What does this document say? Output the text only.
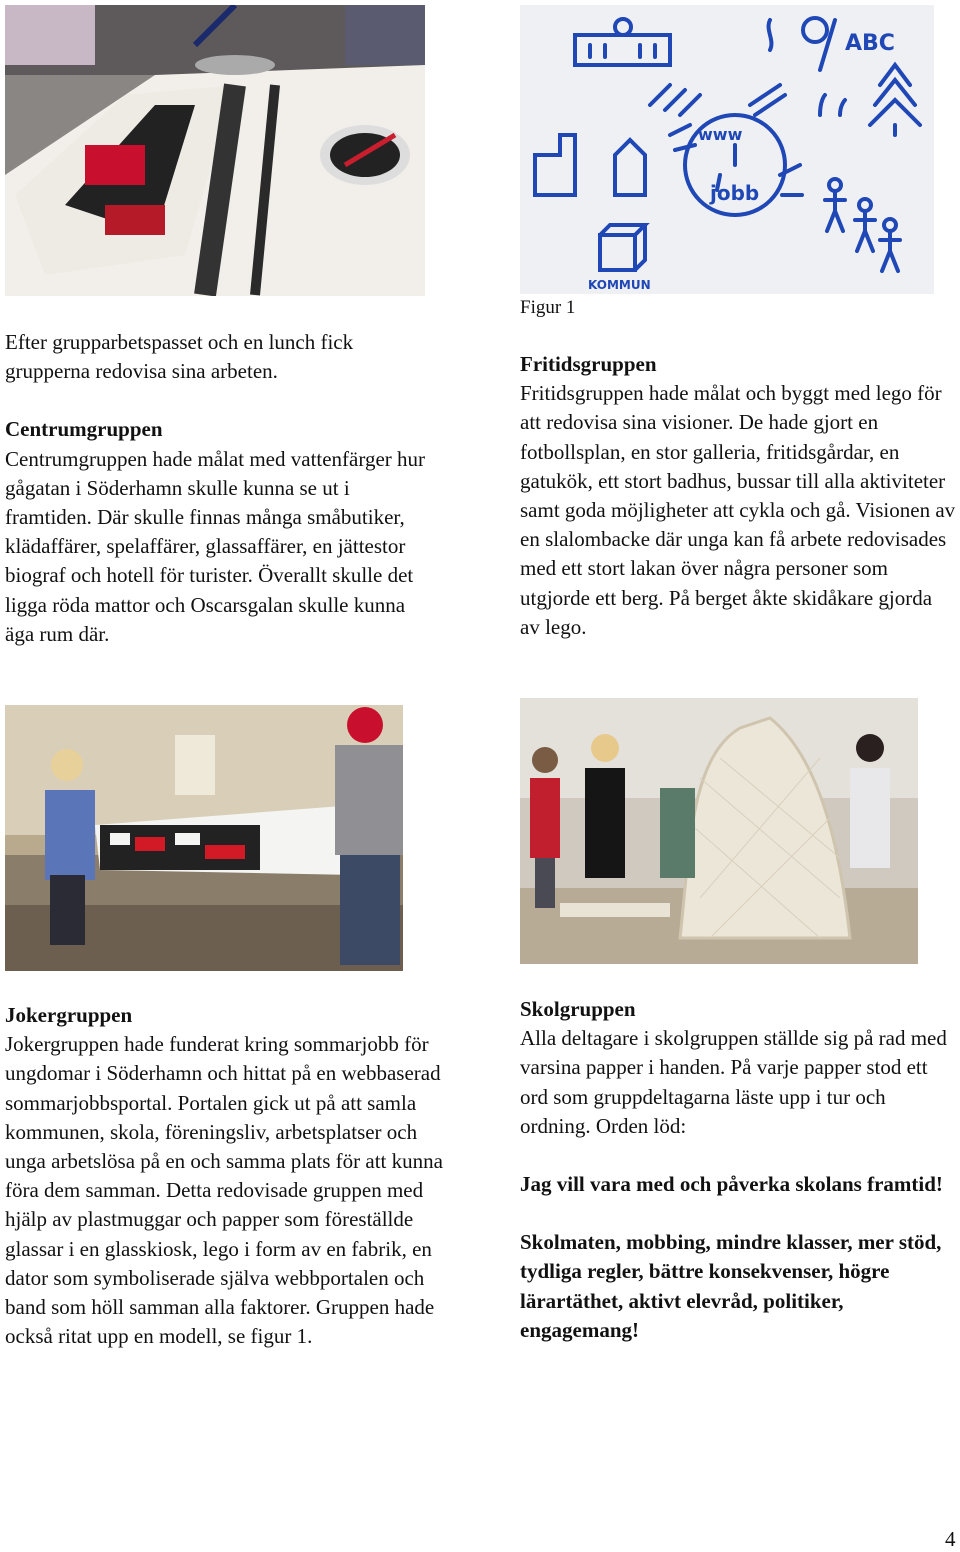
ABC
www
jobb
KOMMUN
Figur 1

Efter grupparbetspasset och en lunch fick grupperna redovisa sina arbeten.

Centrumgruppen

Centrumgruppen hade målat med vattenfärger hur gågatan i Söderhamn skulle kunna se ut i framtiden. Där skulle finnas många småbutiker, klädaffärer, spelaffärer, glassaffärer, en jättestor biograf och hotell för turister. Överallt skulle det ligga röda mattor och Oscarsgalan skulle kunna äga rum där.

Fritidsgruppen

Fritidsgruppen hade målat och byggt med lego för att redovisa sina visioner. De hade gjort en fotbollsplan, en stor galleria, fritidsgårdar, en gatukök, ett stort badhus, bussar till alla aktiviteter samt goda möjligheter att cykla och gå. Visionen av en slalombacke där unga kan få arbete redovisades med ett stort lakan över några personer som utgjorde ett berg. På berget åkte skidåkare gjorda av lego.

Jokergruppen

Jokergruppen hade funderat kring sommarjobb för ungdomar i Söderhamn och hittat på en webbaserad sommarjobbsportal. Portalen gick ut på att samla kommunen, skola, föreningsliv, arbetsplatser och unga arbetslösa på en och samma plats för att kunna föra dem samman. Detta redovisade gruppen med hjälp av plastmuggar och papper som föreställde glassar i en glasskiosk, lego i form av en fabrik, en dator som symboliserade själva webbportalen och band som höll samman alla faktorer. Gruppen hade också ritat upp en modell, se figur 1.

Skolgruppen

Alla deltagare i skolgruppen ställde sig på rad med varsina papper i handen. På varje papper stod ett ord som gruppdeltagarna läste upp i tur och ordning. Orden löd:

Jag vill vara med och påverka skolans framtid!

Skolmaten, mobbing, mindre klasser, mer stöd, tydliga regler, bättre konsekvenser, högre lärartäthet, aktivt elevråd, politiker, engagemang!

4
